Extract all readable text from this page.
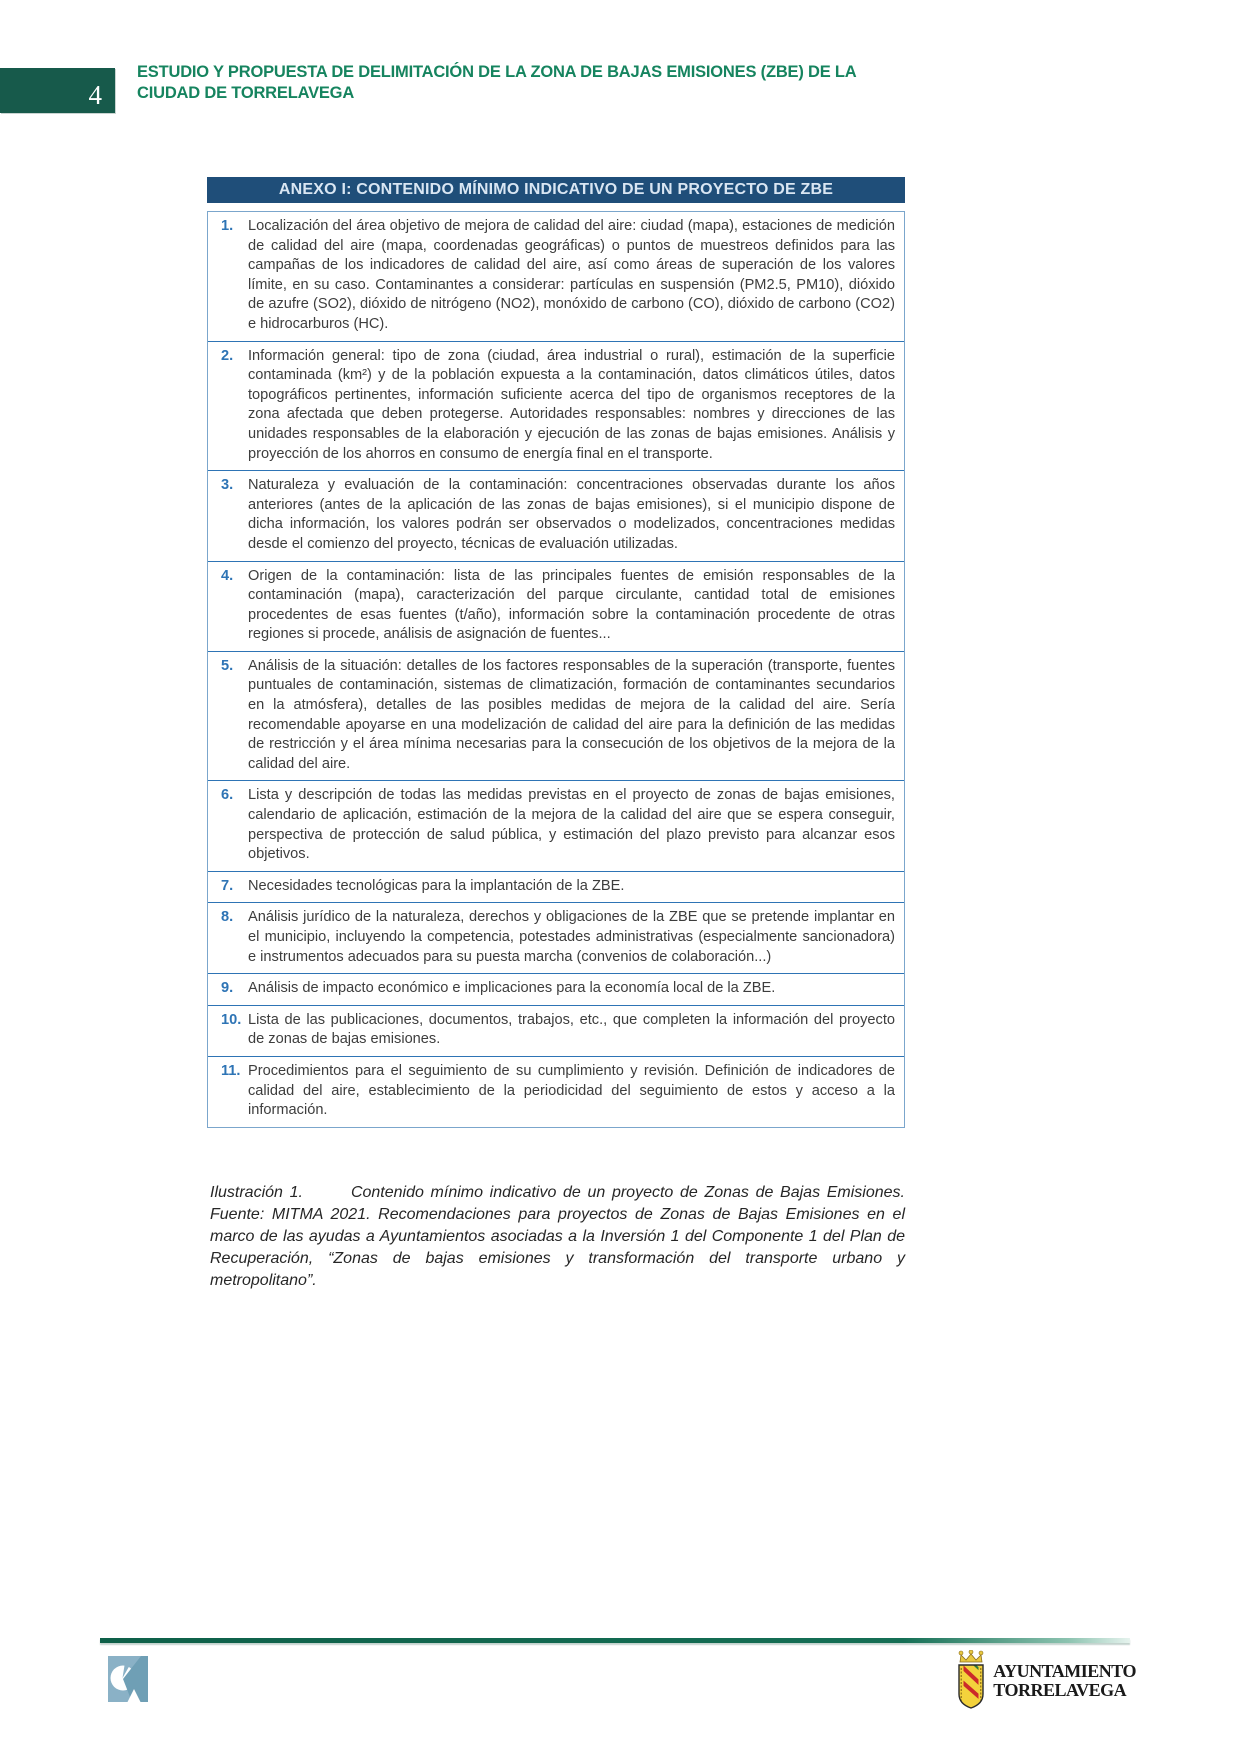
4
ESTUDIO Y PROPUESTA DE DELIMITACIÓN DE LA ZONA DE BAJAS EMISIONES (ZBE) DE LA
CIUDAD DE TORRELAVEGA
ANEXO I: CONTENIDO MÍNIMO INDICATIVO DE UN PROYECTO DE ZBE
1.	Localización del área objetivo de mejora de calidad del aire: ciudad (mapa), estaciones de medición de calidad del aire (mapa, coordenadas geográficas) o puntos de muestreos definidos para las campañas de los indicadores de calidad del aire, así como áreas de superación de los valores límite, en su caso. Contaminantes a considerar: partículas en suspensión (PM2.5, PM10), dióxido de azufre (SO2), dióxido de nitrógeno (NO2), monóxido de carbono (CO), dióxido de carbono (CO2) e hidrocarburos (HC).
2.	Información general: tipo de zona (ciudad, área industrial o rural), estimación de la superficie contaminada (km²) y de la población expuesta a la contaminación, datos climáticos útiles, datos topográficos pertinentes, información suficiente acerca del tipo de organismos receptores de la zona afectada que deben protegerse. Autoridades responsables: nombres y direcciones de las unidades responsables de la elaboración y ejecución de las zonas de bajas emisiones. Análisis y proyección de los ahorros en consumo de energía final en el transporte.
3.	Naturaleza y evaluación de la contaminación: concentraciones observadas durante los años anteriores (antes de la aplicación de las zonas de bajas emisiones), si el municipio dispone de dicha información, los valores podrán ser observados o modelizados, concentraciones medidas desde el comienzo del proyecto, técnicas de evaluación utilizadas.
4.	Origen de la contaminación: lista de las principales fuentes de emisión responsables de la contaminación (mapa), caracterización del parque circulante, cantidad total de emisiones procedentes de esas fuentes (t/año), información sobre la contaminación procedente de otras regiones si procede, análisis de asignación de fuentes...
5.	Análisis de la situación: detalles de los factores responsables de la superación (transporte, fuentes puntuales de contaminación, sistemas de climatización, formación de contaminantes secundarios en la atmósfera), detalles de las posibles medidas de mejora de la calidad del aire. Sería recomendable apoyarse en una modelización de calidad del aire para la definición de las medidas de restricción y el área mínima necesarias para la consecución de los objetivos de la mejora de la calidad del aire.
6.	Lista y descripción de todas las medidas previstas en el proyecto de zonas de bajas emisiones, calendario de aplicación, estimación de la mejora de la calidad del aire que se espera conseguir, perspectiva de protección de salud pública, y estimación del plazo previsto para alcanzar esos objetivos.
7.	Necesidades tecnológicas para la implantación de la ZBE.
8.	Análisis jurídico de la naturaleza, derechos y obligaciones de la ZBE que se pretende implantar en el municipio, incluyendo la competencia, potestades administrativas (especialmente sancionadora) e instrumentos adecuados para su puesta marcha (convenios de colaboración...)
9.	Análisis de impacto económico e implicaciones para la economía local de la ZBE.
10. Lista de las publicaciones, documentos, trabajos, etc., que completen la información del proyecto de zonas de bajas emisiones.
11. Procedimientos para el seguimiento de su cumplimiento y revisión. Definición de indicadores de calidad del aire, establecimiento de la periodicidad del seguimiento de estos y acceso a la información.

Ilustración 1.	Contenido mínimo indicativo de un proyecto de Zonas de Bajas Emisiones. Fuente: MITMA 2021. Recomendaciones para proyectos de Zonas de Bajas Emisiones en el marco de las ayudas a Ayuntamientos asociadas a la Inversión 1 del Componente 1 del Plan de Recuperación, “Zonas de bajas emisiones y transformación del transporte urbano y metropolitano”.

AYUNTAMIENTO
TORRELAVEGA
